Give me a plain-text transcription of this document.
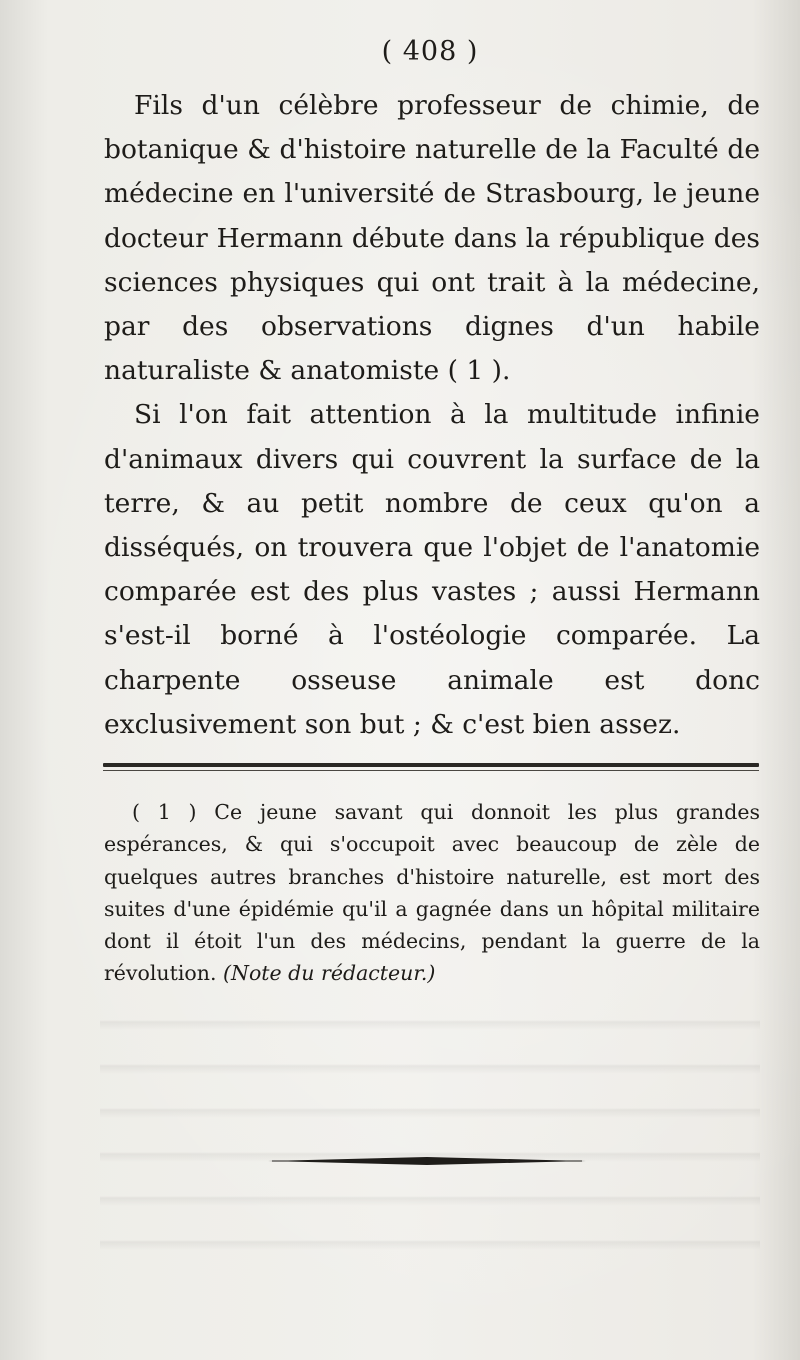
( 408 )

Fils d'un célèbre professeur de chimie, de botanique & d'histoire naturelle de la Faculté de médecine en l'université de Strasbourg, le jeune docteur Hermann débute dans la république des sciences physiques qui ont trait à la médecine, par des observations dignes d'un habile naturaliste & anatomiste ( 1 ).

Si l'on fait attention à la multitude infinie d'animaux divers qui couvrent la surface de la terre, & au petit nombre de ceux qu'on a disséqués, on trouvera que l'objet de l'anatomie comparée est des plus vastes ; aussi Hermann s'est-il borné à l'ostéologie comparée. La charpente osseuse animale est donc exclusivement son but ; & c'est bien assez.

( 1 ) Ce jeune savant qui donnoit les plus grandes espérances, & qui s'occupoit avec beaucoup de zèle de quelques autres branches d'histoire naturelle, est mort des suites d'une épidémie qu'il a gagnée dans un hôpital militaire dont il étoit l'un des médecins, pendant la guerre de la révolution. (Note du rédacteur.)
